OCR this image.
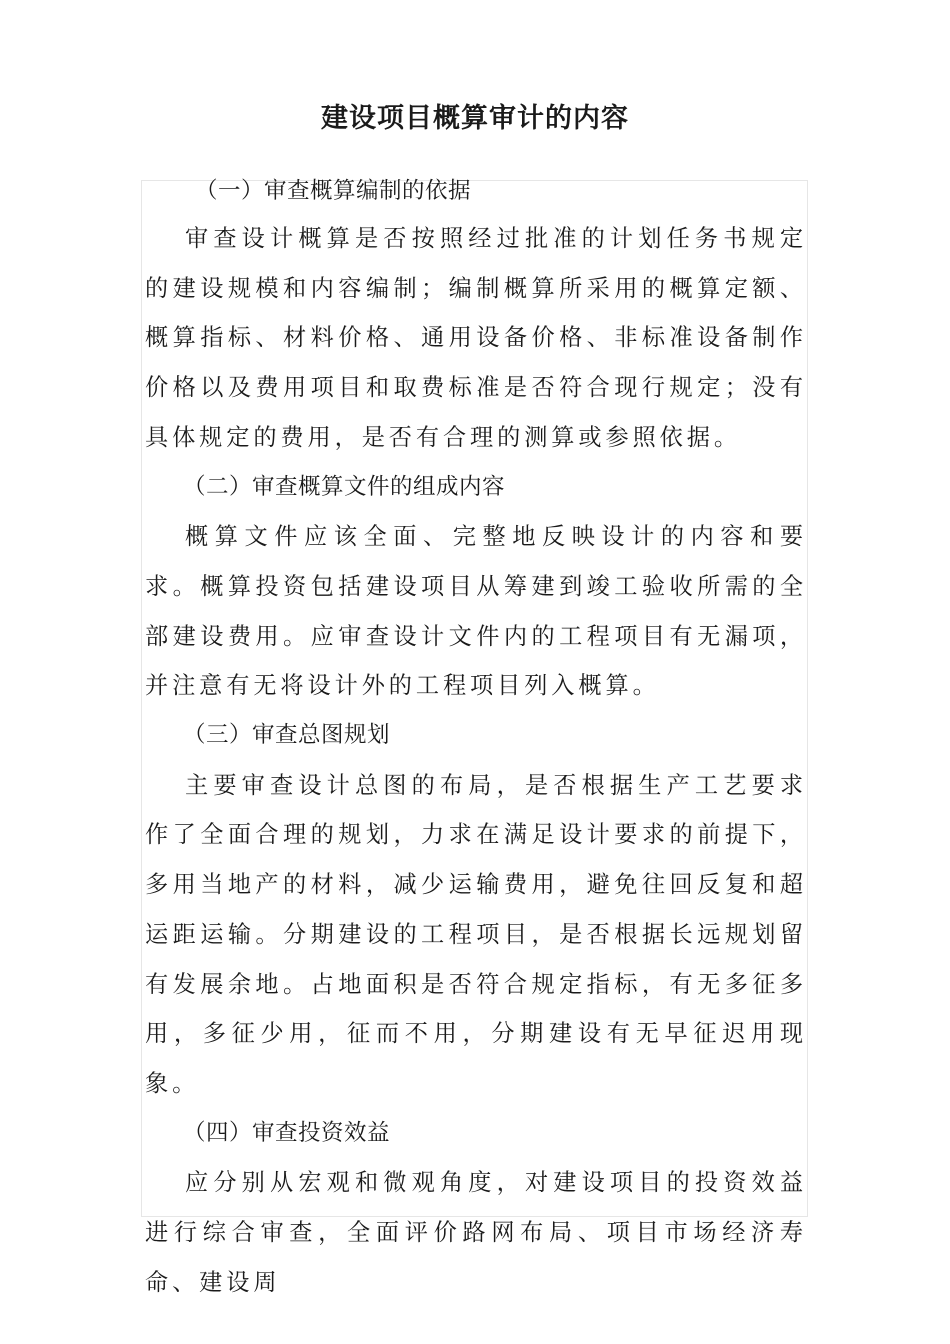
建设项目概算审计的内容
（一）审查概算编制的依据

审查设计概算是否按照经过批准的计划任务书规定的建设规模和内容编制；编制概算所采用的概算定额、概算指标、材料价格、通用设备价格、非标准设备制作价格以及费用项目和取费标准是否符合现行规定；没有具体规定的费用，是否有合理的测算或参照依据。

（二）审查概算文件的组成内容

概算文件应该全面、完整地反映设计的内容和要求。概算投资包括建设项目从筹建到竣工验收所需的全部建设费用。应审查设计文件内的工程项目有无漏项，并注意有无将设计外的工程项目列入概算。

（三）审查总图规划

主要审查设计总图的布局，是否根据生产工艺要求作了全面合理的规划，力求在满足设计要求的前提下，多用当地产的材料，减少运输费用，避免往回反复和超运距运输。分期建设的工程项目，是否根据长远规划留有发展余地。占地面积是否符合规定指标，有无多征多用，多征少用，征而不用，分期建设有无早征迟用现象。

（四）审查投资效益

应分别从宏观和微观角度，对建设项目的投资效益进行综合审查，全面评价路网布局、项目市场经济寿命、建设周
